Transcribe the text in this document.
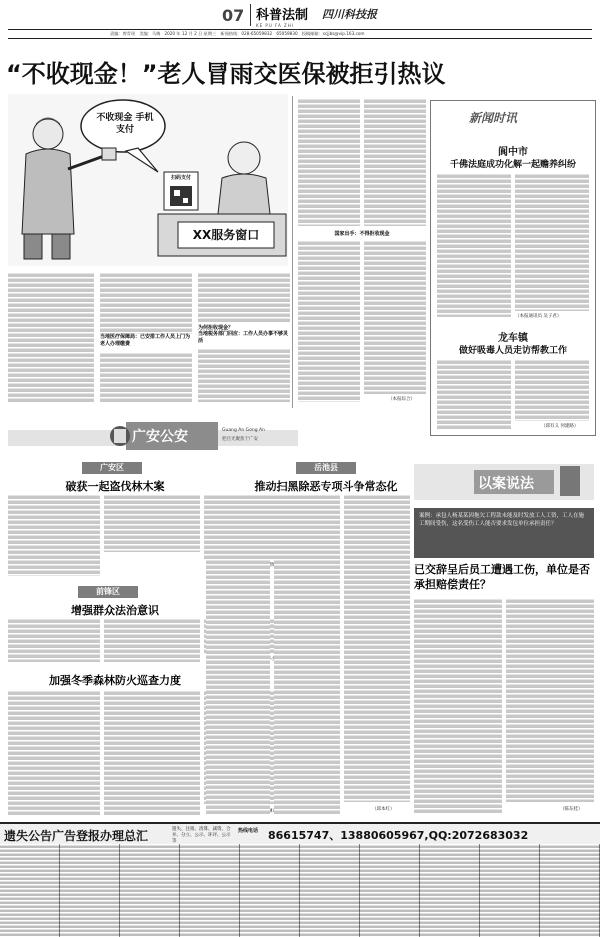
07 科普法制
KE PU FA ZHI
四川科技报
责编：曾青瑶　美编：马梅　2020 年 12 月 2 日 星期三　新闻热线：028-65059832　65059830　投稿邮箱：scjjbs@vip.163.com
“不收现金！”老人冒雨交医保被拒引热议
不收现金 手机支付
扫码支付
XX服务窗口
当地医疗保障局：已安排工作人员上门为老人办理缴费
为何拒收现金？
当地税务部门回应：工作人员办事不够灵活
国家出手：不得拒收现金
（本报综合）
新闻时讯
阆中市
千佛法庭成功化解一起赡养纠纷
（本报通讯员 吴子君）
龙车镇
做好吸毒人员走访帮教工作
（邱有义 何建路）
广安公安	Guang An Gong An
把目光聚焦于广安
广安区
破获一起盗伐林木案
丁德耀）
前锋区
增强群众法治意识
加强冬季森林防火巡查力度
岳池县
推动扫黑除恶专项斗争常态化
（邱本红）
以案说法
案例：承包人杨某某因拖欠工程款未能及时发放工人工资，工人在施工期间受伤，这名受伤工人能否要求发包单位承担责任？
已交辞呈后员工遭遇工伤，单位是否承担赔偿责任？
（陈东桂）
遗失公告广告登报办理总汇	遗失、注销、清算、减资、合并、分立、公示、环评、公示等
热线电话 86615747、13880605967,QQ:2072683032
